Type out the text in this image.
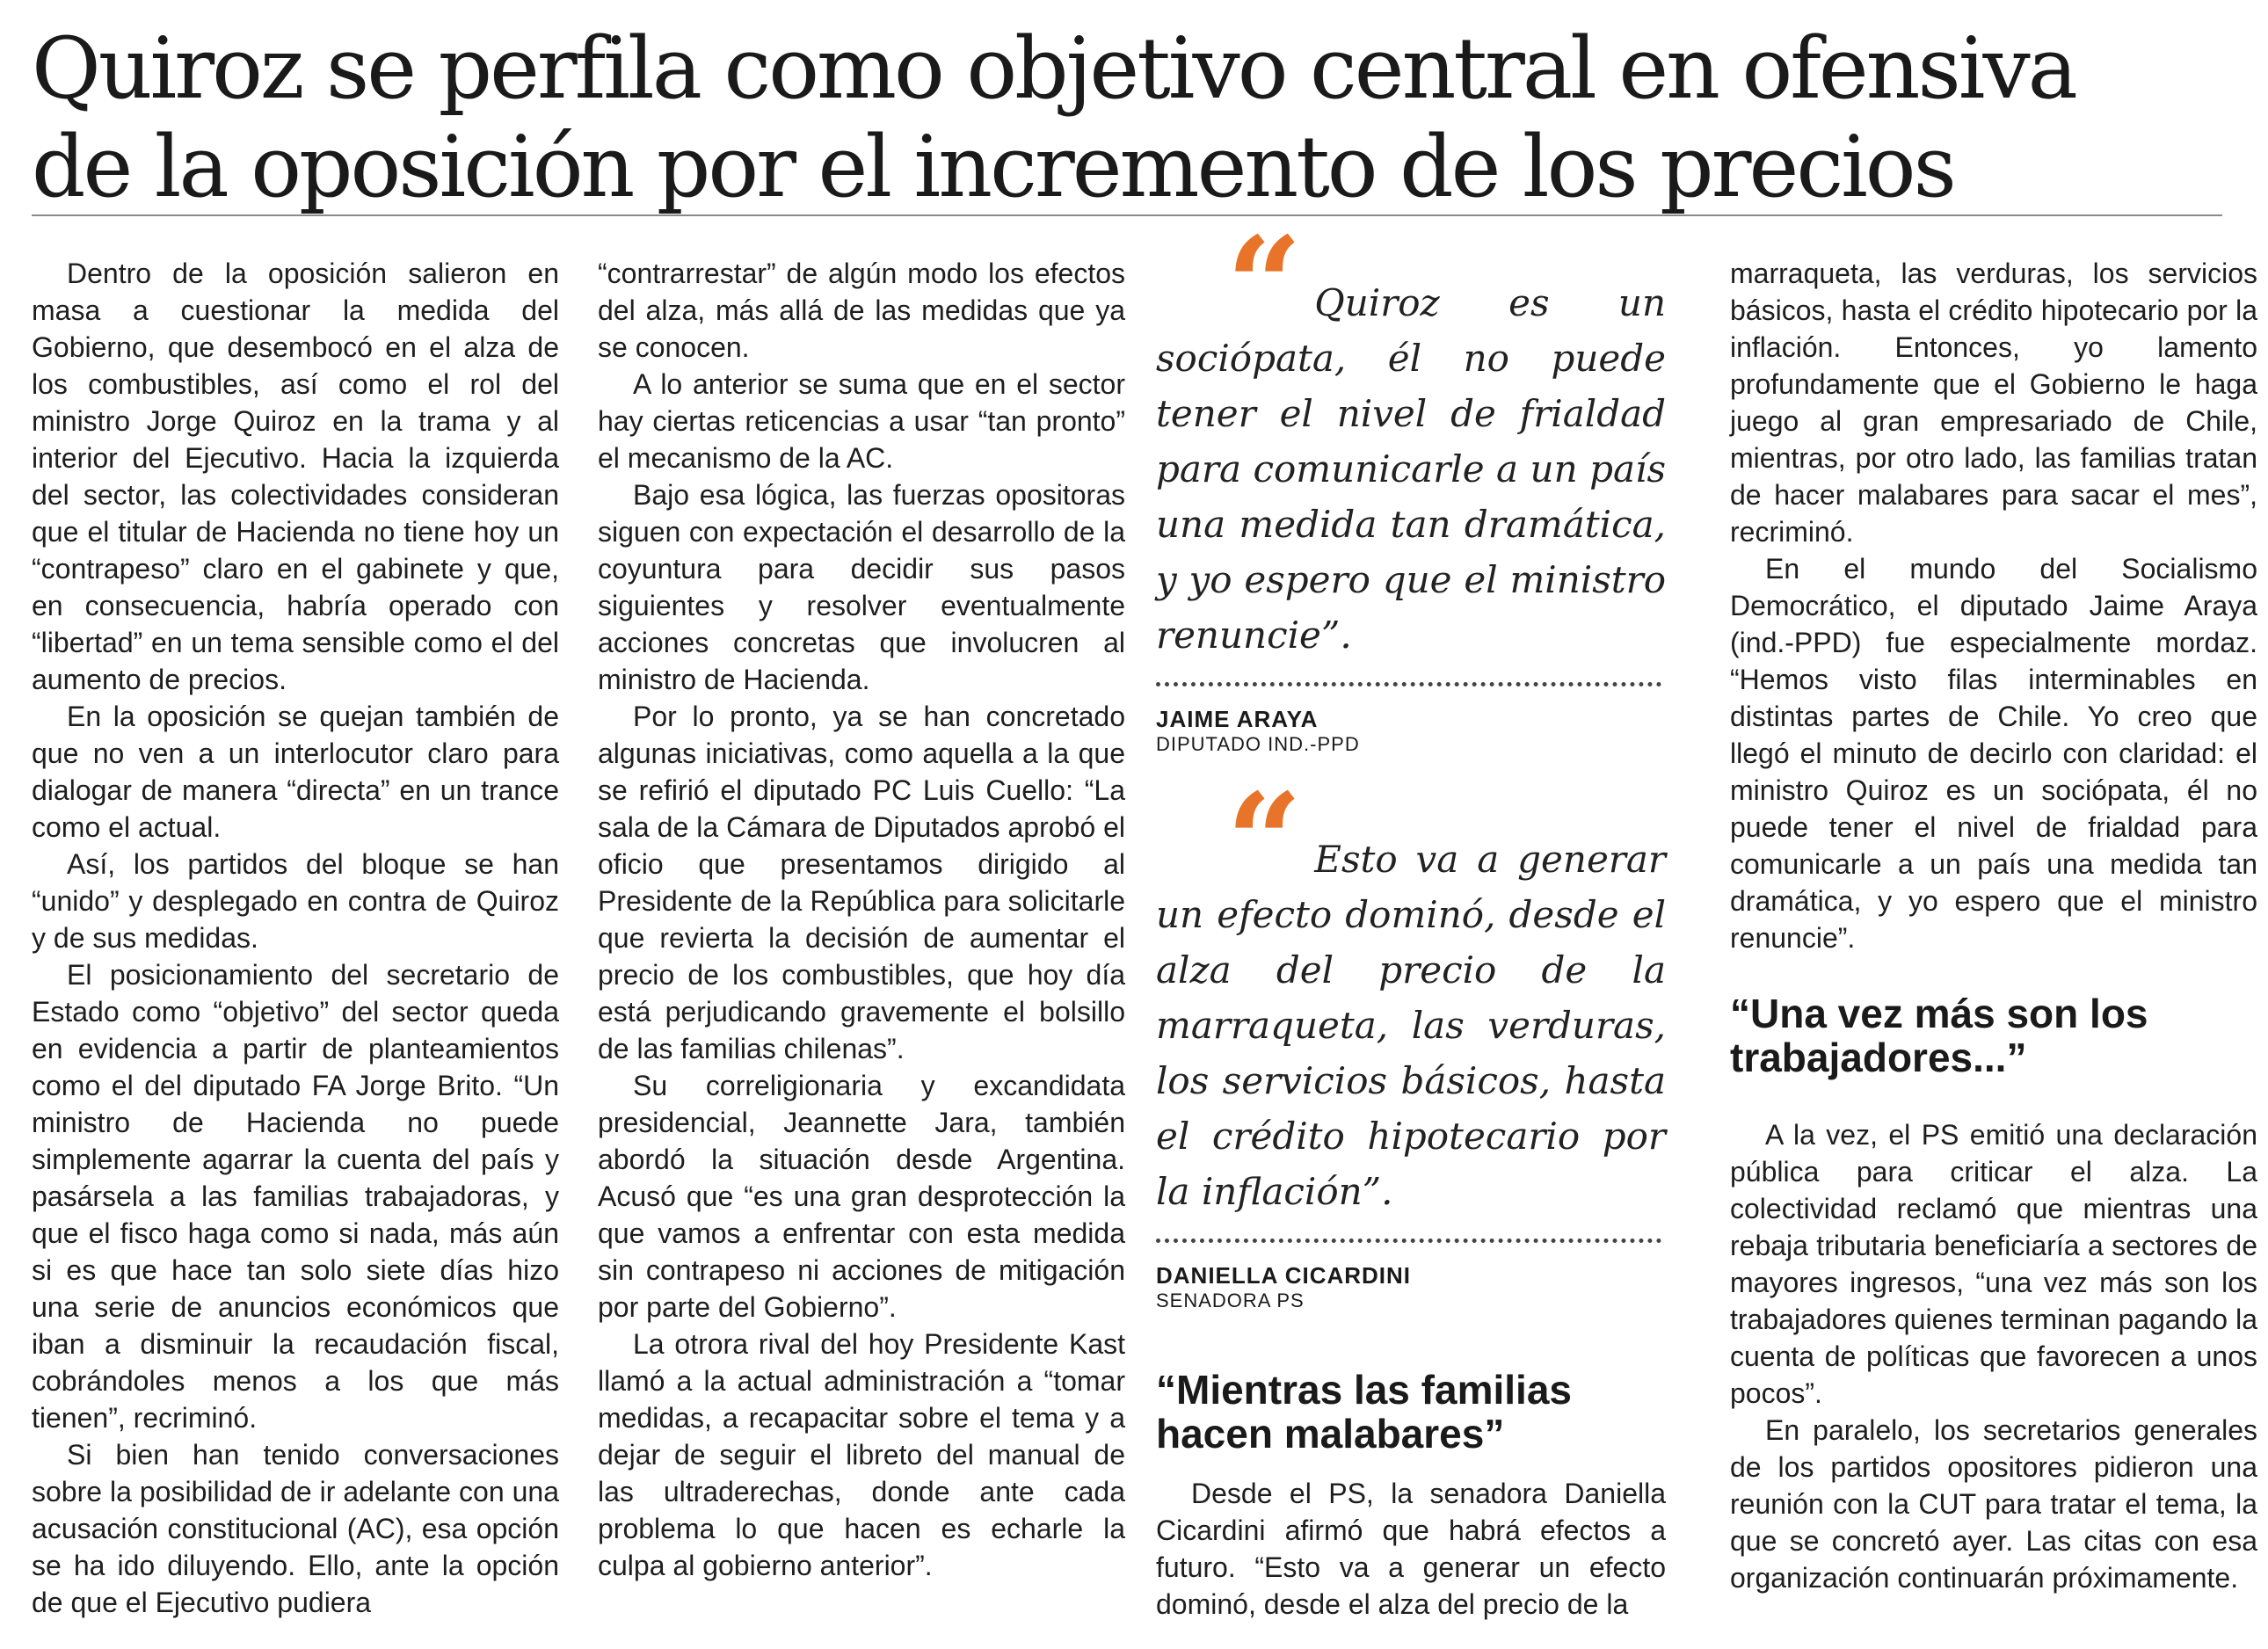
Quiroz se perfila como objetivo central en ofensiva
de la oposición por el incremento de los precios

Dentro de la oposición salieron en masa a cuestionar la medida del Gobierno, que desembocó en el alza de los combustibles, así como el rol del ministro Jorge Quiroz en la trama y al interior del Ejecutivo. Hacia la izquierda del sector, las colectividades consideran que el titular de Hacienda no tiene hoy un “contrapeso” claro en el gabinete y que, en consecuencia, habría operado con “libertad” en un tema sensible como el del aumento de precios.

En la oposición se quejan también de que no ven a un interlocutor claro para dialogar de manera “directa” en un trance como el actual.

Así, los partidos del bloque se han “unido” y desplegado en contra de Quiroz y de sus medidas.

El posicionamiento del secretario de Estado como “objetivo” del sector queda en evidencia a partir de planteamientos como el del diputado FA Jorge Brito. “Un ministro de Hacienda no puede simplemente agarrar la cuenta del país y pasársela a las familias trabajadoras, y que el fisco haga como si nada, más aún si es que hace tan solo siete días hizo una serie de anuncios económicos que iban a disminuir la recaudación fiscal, cobrándoles menos a los que más tienen”, recriminó.

Si bien han tenido conversaciones sobre la posibilidad de ir adelante con una acusación constitucional (AC), esa opción se ha ido diluyendo. Ello, ante la opción de que el Ejecutivo pudiera

“contrarrestar” de algún modo los efectos del alza, más allá de las medidas que ya se conocen.

A lo anterior se suma que en el sector hay ciertas reticencias a usar “tan pronto” el mecanismo de la AC.

Bajo esa lógica, las fuerzas opositoras siguen con expectación el desarrollo de la coyuntura para decidir sus pasos siguientes y resolver eventualmente acciones concretas que involucren al ministro de Hacienda.

Por lo pronto, ya se han concretado algunas iniciativas, como aquella a la que se refirió el diputado PC Luis Cuello: “La sala de la Cámara de Diputados aprobó el oficio que presentamos dirigido al Presidente de la República para solicitarle que revierta la decisión de aumentar el precio de los combustibles, que hoy día está perjudicando gravemente el bolsillo de las familias chilenas”.

Su correligionaria y excandidata presidencial, Jeannette Jara, también abordó la situación desde Argentina. Acusó que “es una gran desprotección la que vamos a enfrentar con esta medida sin contrapeso ni acciones de mitigación por parte del Gobierno”.

La otrora rival del hoy Presidente Kast llamó a la actual administración a “tomar medidas, a recapacitar sobre el tema y a dejar de seguir el libreto del manual de las ultraderechas, donde ante cada problema lo que hacen es echarle la culpa al gobierno anterior”.

“ Quiroz es un sociópata, él no puede tener el nivel de frialdad para comunicarle a un país una medida tan dramática, y yo espero que el ministro renuncie”.

JAIME ARAYA
DIPUTADO IND.-PPD

“ Esto va a generar un efecto dominó, desde el alza del precio de la marraqueta, las verduras, los servicios básicos, hasta el crédito hipotecario por la inflación”.

DANIELLA CICARDINI
SENADORA PS
“Mientras las familias hacen malabares”

Desde el PS, la senadora Daniella Cicardini afirmó que habrá efectos a futuro. “Esto va a generar un efecto dominó, desde el alza del precio de la

marraqueta, las verduras, los servicios básicos, hasta el crédito hipotecario por la inflación. Entonces, yo lamento profundamente que el Gobierno le haga juego al gran empresariado de Chile, mientras, por otro lado, las familias tratan de hacer malabares para sacar el mes”, recriminó.

En el mundo del Socialismo Democrático, el diputado Jaime Araya (ind.-PPD) fue especialmente mordaz. “Hemos visto filas interminables en distintas partes de Chile. Yo creo que llegó el minuto de decirlo con claridad: el ministro Quiroz es un sociópata, él no puede tener el nivel de frialdad para comunicarle a un país una medida tan dramática, y yo espero que el ministro renuncie”.

“Una vez más son los trabajadores...”

A la vez, el PS emitió una declaración pública para criticar el alza. La colectividad reclamó que mientras una rebaja tributaria beneficiaría a sectores de mayores ingresos, “una vez más son los trabajadores quienes terminan pagando la cuenta de políticas que favorecen a unos pocos”.

En paralelo, los secretarios generales de los partidos opositores pidieron una reunión con la CUT para tratar el tema, la que se concretó ayer. Las citas con esa organización continuarán próximamente.
